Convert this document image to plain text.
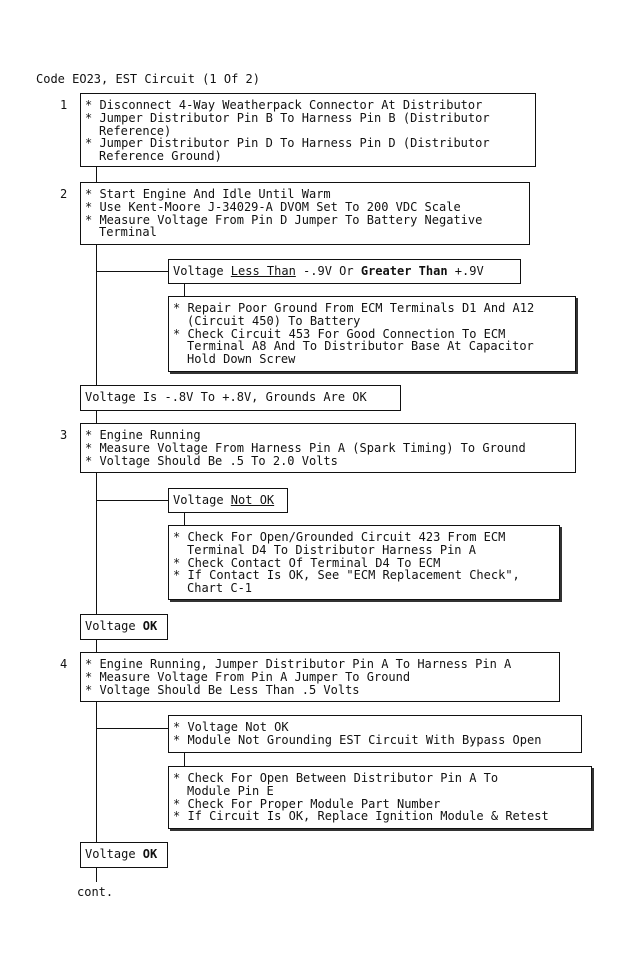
Code EO23, EST Circuit (1 Of 2)
1 * Disconnect 4-Way Weatherpack Connector At Distributor
* Jumper Distributor Pin B To Harness Pin B (Distributor
Reference)
* Jumper Distributor Pin D To Harness Pin D (Distributor
Reference Ground)
2 * Start Engine And Idle Until Warm
* Use Kent-Moore J-34029-A DVOM Set To 200 VDC Scale
* Measure Voltage From Pin D Jumper To Battery Negative
Terminal
Voltage Less Than -.9V Or Greater Than +.9V
* Repair Poor Ground From ECM Terminals D1 And A12
(Circuit 450) To Battery
* Check Circuit 453 For Good Connection To ECM
Terminal A8 And To Distributor Base At Capacitor
Hold Down Screw
Voltage Is -.8V To +.8V, Grounds Are OK
3 * Engine Running
* Measure Voltage From Harness Pin A (Spark Timing) To Ground
* Voltage Should Be .5 To 2.0 Volts
Voltage Not OK
* Check For Open/Grounded Circuit 423 From ECM
Terminal D4 To Distributor Harness Pin A
* Check Contact Of Terminal D4 To ECM
* If Contact Is OK, See "ECM Replacement Check",
Chart C-1
Voltage OK
4 * Engine Running, Jumper Distributor Pin A To Harness Pin A
* Measure Voltage From Pin A Jumper To Ground
* Voltage Should Be Less Than .5 Volts
* Voltage Not OK
* Module Not Grounding EST Circuit With Bypass Open
* Check For Open Between Distributor Pin A To
Module Pin E
* Check For Proper Module Part Number
* If Circuit Is OK, Replace Ignition Module & Retest
Voltage OK
cont.
